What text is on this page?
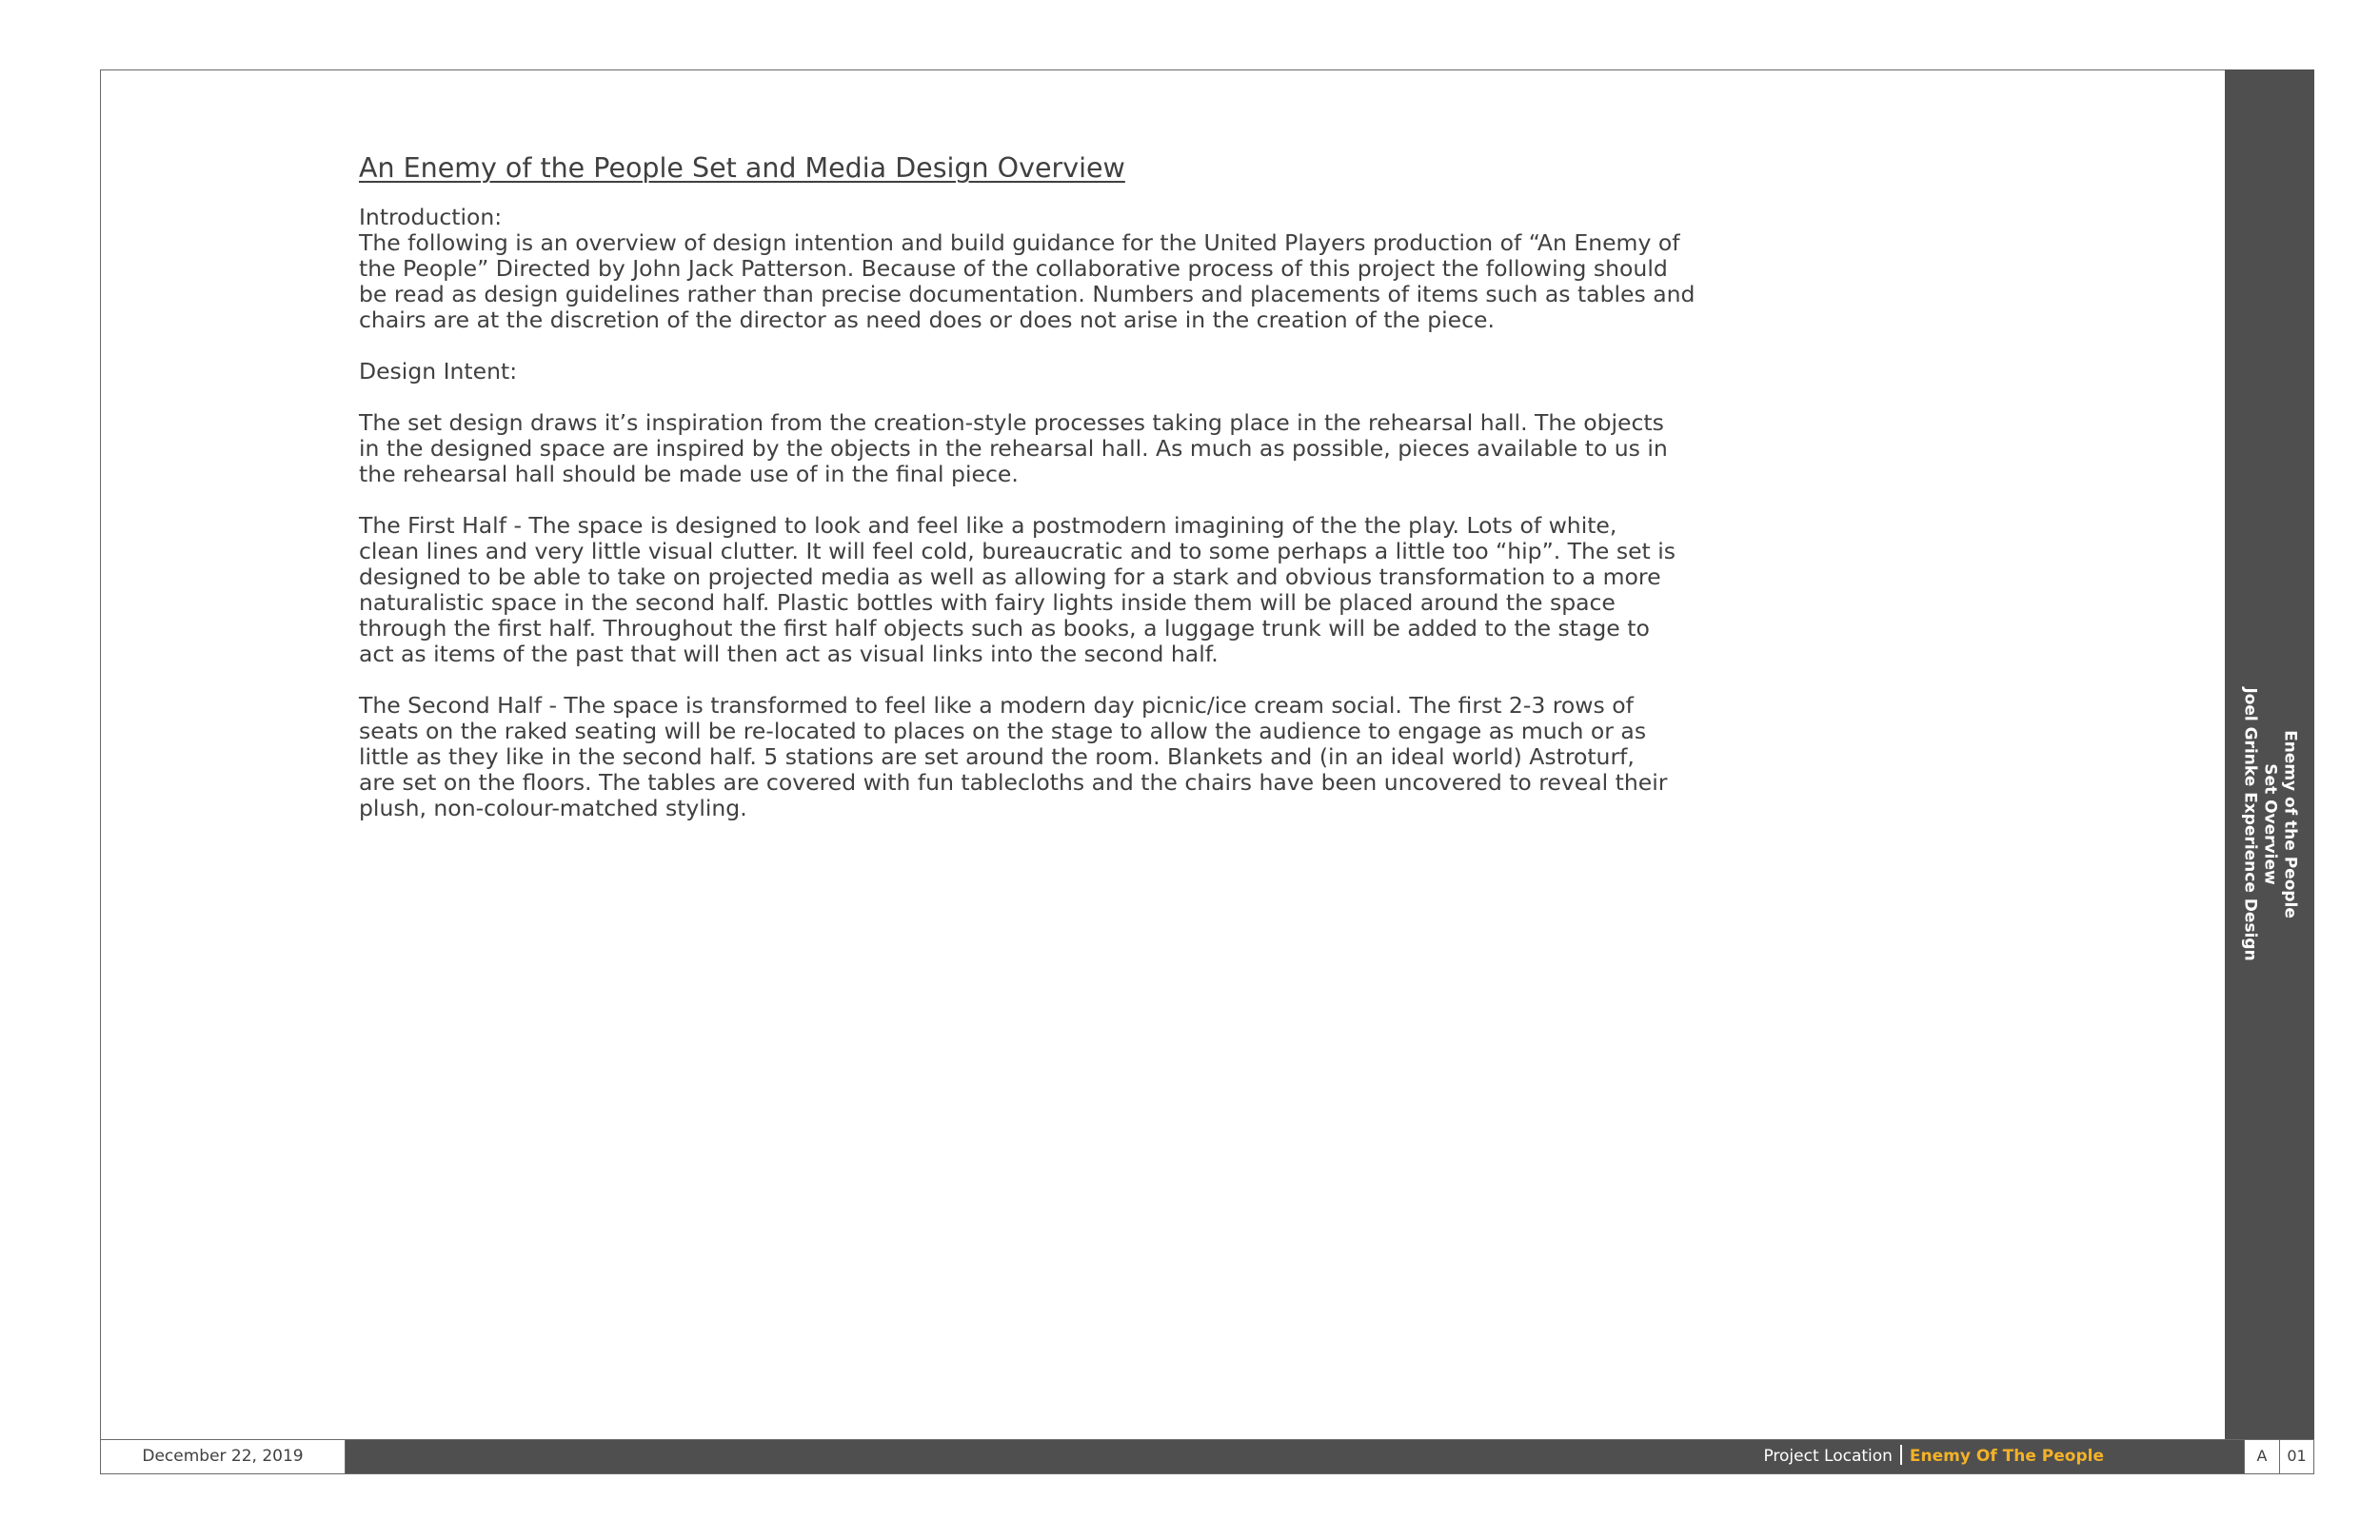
An Enemy of the People Set and Media Design Overview
Introduction:
The following is an overview of design intention and build guidance for the United Players production of “An Enemy of
the People” Directed by John Jack Patterson. Because of the collaborative process of this project the following should
be read as design guidelines rather than precise documentation. Numbers and placements of items such as tables and
chairs are at the discretion of the director as need does or does not arise in the creation of the piece.
Design Intent:
The set design draws it’s inspiration from the creation-style processes taking place in the rehearsal hall. The objects
in the designed space are inspired by the objects in the rehearsal hall. As much as possible, pieces available to us in
the rehearsal hall should be made use of in the final piece.
The First Half - The space is designed to look and feel like a postmodern imagining of the the play. Lots of white,
clean lines and very little visual clutter. It will feel cold, bureaucratic and to some perhaps a little too “hip”. The set is
designed to be able to take on projected media as well as allowing for a stark and obvious transformation to a more
naturalistic space in the second half. Plastic bottles with fairy lights inside them will be placed around the space
through the first half. Throughout the first half objects such as books, a luggage trunk will be added to the stage to
act as items of the past that will then act as visual links into the second half.
The Second Half - The space is transformed to feel like a modern day picnic/ice cream social. The first 2-3 rows of
seats on the raked seating will be re-located to places on the stage to allow the audience to engage as much or as
little as they like in the second half. 5 stations are set around the room. Blankets and (in an ideal world) Astroturf,
are set on the floors. The tables are covered with fun tablecloths and the chairs have been uncovered to reveal their
plush, non-colour-matched styling.	Enemy of the People
Set Overview
Joel Grinke Experience Design
December 22, 2019	Project Location Enemy Of The People	A	01
